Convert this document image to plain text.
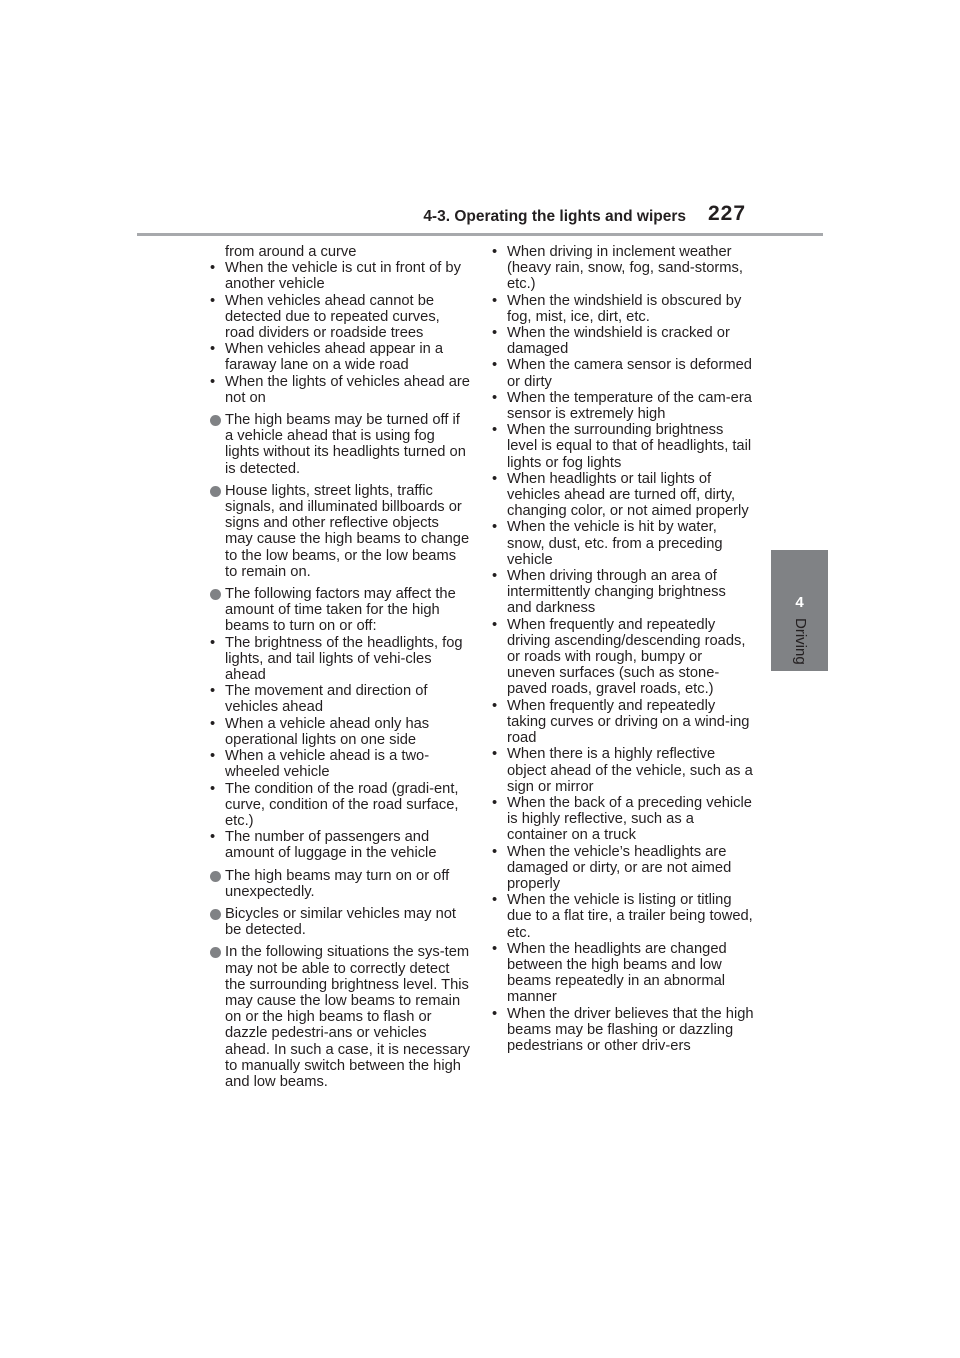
4-3. Operating the lights and wipers 227
4
Driving
from around a curve
• When the vehicle is cut in front of by another vehicle
• When vehicles ahead cannot be detected due to repeated curves, road dividers or roadside trees
• When vehicles ahead appear in a faraway lane on a wide road
• When the lights of vehicles ahead are not on
The high beams may be turned off if a vehicle ahead that is using fog lights without its headlights turned on is detected.
House lights, street lights, traffic signals, and illuminated billboards or signs and other reflective objects may cause the high beams to change to the low beams, or the low beams to remain on.
The following factors may affect the amount of time taken for the high beams to turn on or off:
• The brightness of the headlights, fog lights, and tail lights of vehi-cles ahead
• The movement and direction of vehicles ahead
• When a vehicle ahead only has operational lights on one side
• When a vehicle ahead is a two-wheeled vehicle
• The condition of the road (gradi-ent, curve, condition of the road surface, etc.)
• The number of passengers and amount of luggage in the vehicle
The high beams may turn on or off unexpectedly.
Bicycles or similar vehicles may not be detected.
In the following situations the sys-tem may not be able to correctly detect the surrounding brightness level. This may cause the low beams to remain on or the high beams to flash or dazzle pedestri-ans or vehicles ahead. In such a case, it is necessary to manually switch between the high and low beams.
• When driving in inclement weather (heavy rain, snow, fog, sand-storms, etc.)
• When the windshield is obscured by fog, mist, ice, dirt, etc.
• When the windshield is cracked or damaged
• When the camera sensor is deformed or dirty
• When the temperature of the cam-era sensor is extremely high
• When the surrounding brightness level is equal to that of headlights, tail lights or fog lights
• When headlights or tail lights of vehicles ahead are turned off, dirty, changing color, or not aimed properly
• When the vehicle is hit by water, snow, dust, etc. from a preceding vehicle
• When driving through an area of intermittently changing brightness and darkness
• When frequently and repeatedly driving ascending/descending roads, or roads with rough, bumpy or uneven surfaces (such as stone-paved roads, gravel roads, etc.)
• When frequently and repeatedly taking curves or driving on a wind-ing road
• When there is a highly reflective object ahead of the vehicle, such as a sign or mirror
• When the back of a preceding vehicle is highly reflective, such as a container on a truck
• When the vehicle’s headlights are damaged or dirty, or are not aimed properly
• When the vehicle is listing or titling due to a flat tire, a trailer being towed, etc.
• When the headlights are changed between the high beams and low beams repeatedly in an abnormal manner
• When the driver believes that the high beams may be flashing or dazzling pedestrians or other driv-ers
